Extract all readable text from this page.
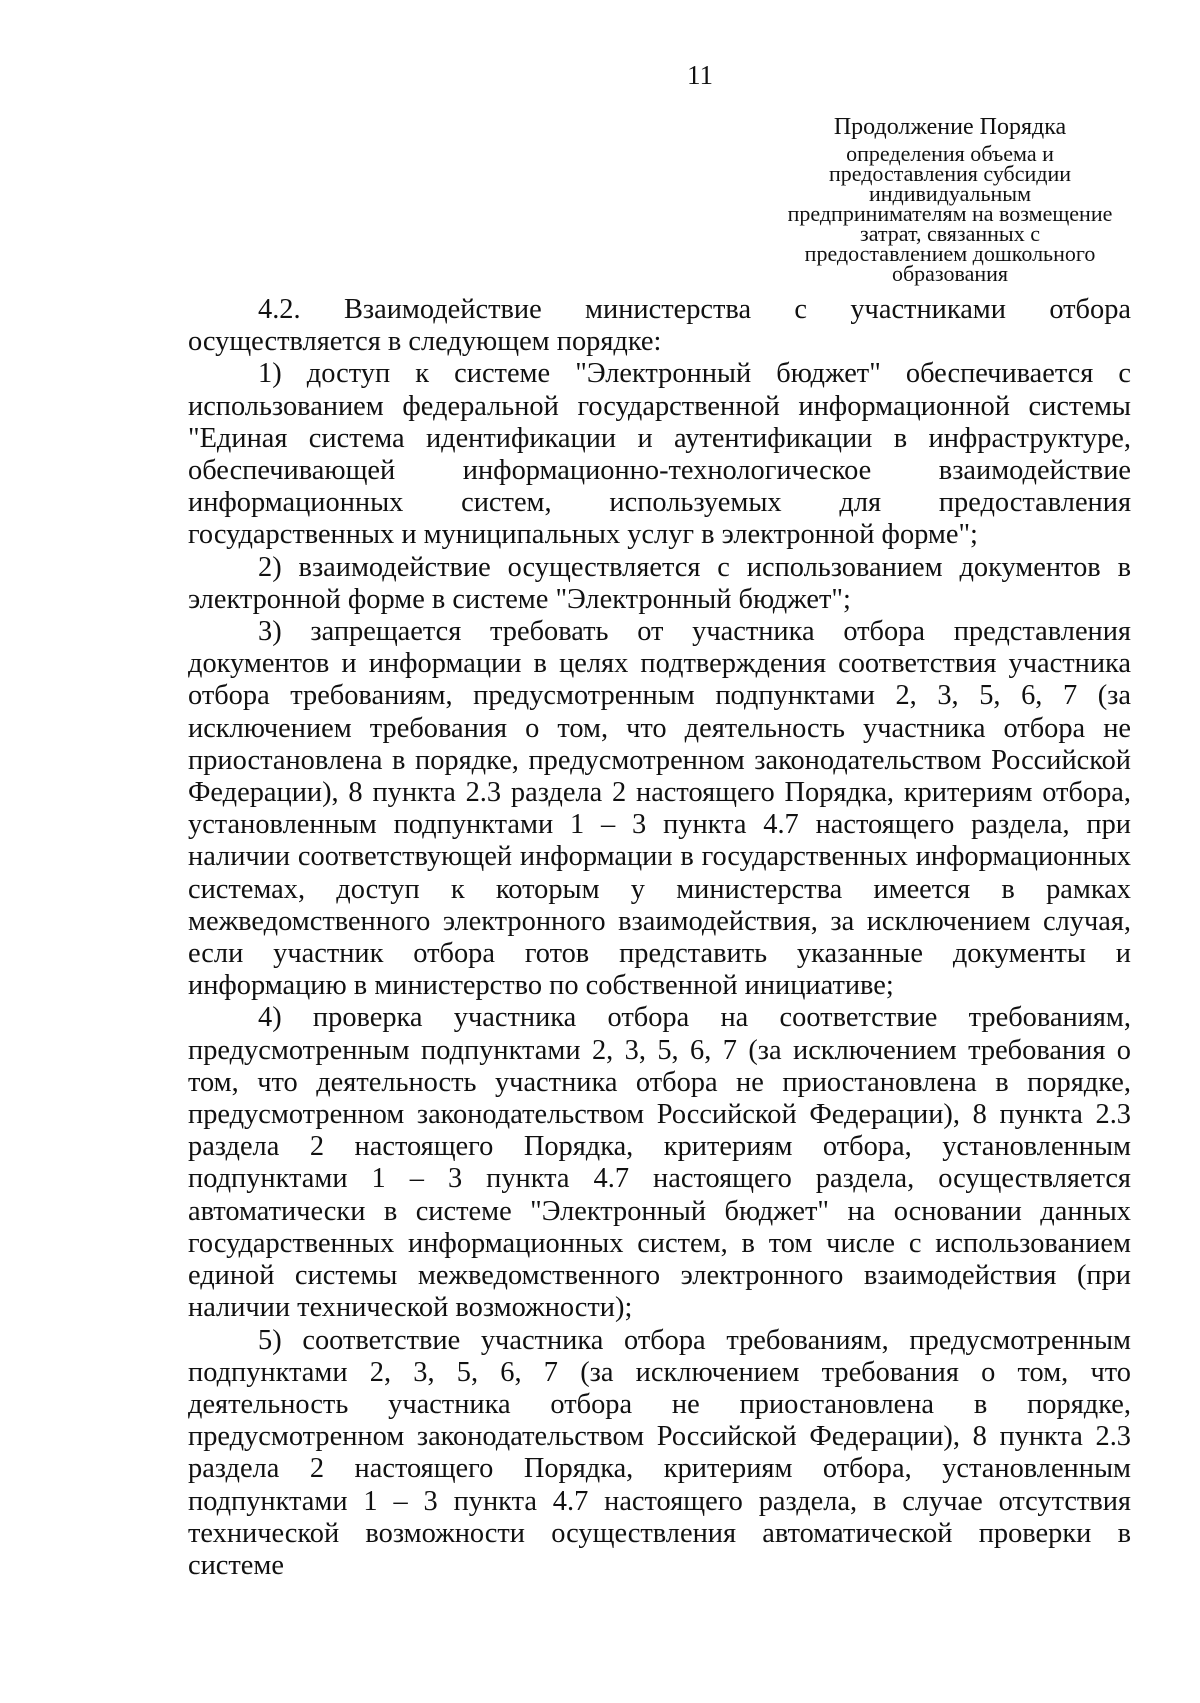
11
Продолжение Порядка
определения объема и
предоставления субсидии
индивидуальным
предпринимателям на возмещение
затрат, связанных с
предоставлением дошкольного
образования

4.2. Взаимодействие министерства с участниками отбора осуществляется в следующем порядке:

1) доступ к системе "Электронный бюджет" обеспечивается с использованием федеральной государственной информационной системы "Единая система идентификации и аутентификации в инфраструктуре, обеспечивающей информационно-технологическое взаимодействие информационных систем, используемых для предоставления государственных и муниципальных услуг в электронной форме";

2) взаимодействие осуществляется с использованием документов в электронной форме в системе "Электронный бюджет";

3) запрещается требовать от участника отбора представления документов и информации в целях подтверждения соответствия участника отбора требованиям, предусмотренным подпунктами 2, 3, 5, 6, 7 (за исключением требования о том, что деятельность участника отбора не приостановлена в порядке, предусмотренном законодательством Российской Федерации), 8 пункта 2.3 раздела 2 настоящего Порядка, критериям отбора, установленным подпунктами 1 – 3 пункта 4.7 настоящего раздела, при наличии соответствующей информации в государственных информационных системах, доступ к которым у министерства имеется в рамках межведомственного электронного взаимодействия, за исключением случая, если участник отбора готов представить указанные документы и информацию в министерство по собственной инициативе;

4) проверка участника отбора на соответствие требованиям, предусмотренным подпунктами 2, 3, 5, 6, 7 (за исключением требования о том, что деятельность участника отбора не приостановлена в порядке, предусмотренном законодательством Российской Федерации), 8 пункта 2.3 раздела 2 настоящего Порядка, критериям отбора, установленным подпунктами 1 – 3 пункта 4.7 настоящего раздела, осуществляется автоматически в системе "Электронный бюджет" на основании данных государственных информационных систем, в том числе с использованием единой системы межведомственного электронного взаимодействия (при наличии технической возможности);

5) соответствие участника отбора требованиям, предусмотренным подпунктами 2, 3, 5, 6, 7 (за исключением требования о том, что деятельность участника отбора не приостановлена в порядке, предусмотренном законодательством Российской Федерации), 8 пункта 2.3 раздела 2 настоящего Порядка, критериям отбора, установленным подпунктами 1 – 3 пункта 4.7 настоящего раздела, в случае отсутствия технической возможности осуществления автоматической проверки в системе
